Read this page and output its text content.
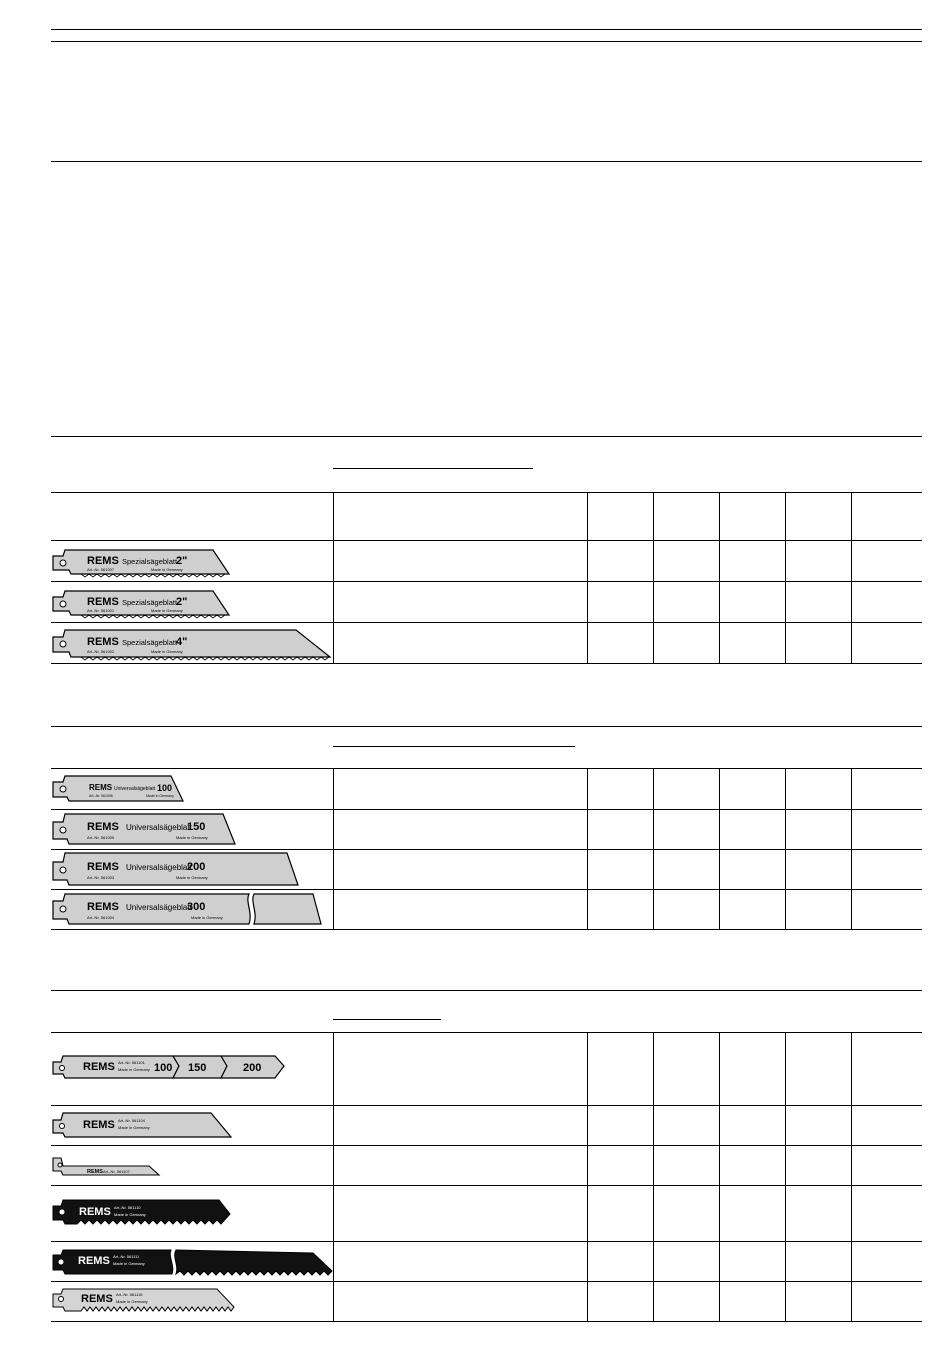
REMS Spezialsägeblatt
2"
Art.-Nr. 561007	Made in Germany
REMS Spezialsägeblatt
2"
Art.-Nr. 561001	Made in Germany
REMS Spezialsägeblatt
4"
Art.-Nr. 561002	Made in Germany
REMS Universalsägeblatt 100
Art.-Nr. 561006	Made in Germany
REMS Universalsägeblatt
150
Art.-Nr. 561005	Made in Germany
REMS Universalsägeblatt
200
Art.-Nr. 561003	Made in Germany
REMS Universalsägeblatt
300
Art.-Nr. 561004	Made in Germany
REMS Art.-Nr. 561101
Made in Germany 100 150	200
REMS Art.-Nr. 561104
Made in Germany
REMS Art.-Nr. 561107
REMS Art.-Nr. 561110
Made in Germany
REMS Art.-Nr. 561111
Made in Germany
REMS Art.-Nr. 561115
Made in Germany
